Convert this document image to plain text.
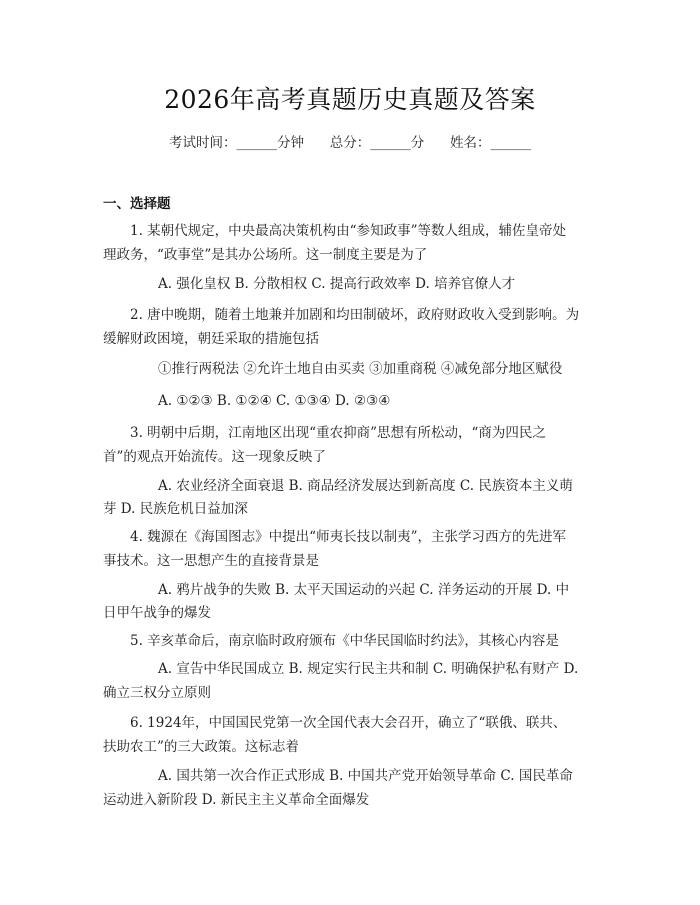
2026年高考真题历史真题及答案
考试时间：______分钟      总分：______分      姓名：______
一、选择题
1. 某朝代规定，中央最高决策机构由“参知政事”等数人组成，辅佐皇帝处
理政务，“政事堂”是其办公场所。这一制度主要是为了
A. 强化皇权 B. 分散相权 C. 提高行政效率 D. 培养官僚人才
2. 唐中晚期，随着土地兼并加剧和均田制破坏，政府财政收入受到影响。为
缓解财政困境，朝廷采取的措施包括
①推行两税法 ②允许土地自由买卖 ③加重商税 ④减免部分地区赋役
A. ①②③ B. ①②④ C. ①③④ D. ②③④
3. 明朝中后期，江南地区出现“重农抑商”思想有所松动，“商为四民之
首”的观点开始流传。这一现象反映了
A. 农业经济全面衰退 B. 商品经济发展达到新高度 C. 民族资本主义萌
芽 D. 民族危机日益加深
4. 魏源在《海国图志》中提出“师夷长技以制夷”，主张学习西方的先进军
事技术。这一思想产生的直接背景是
A. 鸦片战争的失败 B. 太平天国运动的兴起 C. 洋务运动的开展 D. 中
日甲午战争的爆发
5. 辛亥革命后，南京临时政府颁布《中华民国临时约法》，其核心内容是
A. 宣告中华民国成立 B. 规定实行民主共和制 C. 明确保护私有财产 D.
确立三权分立原则
6. 1924年，中国国民党第一次全国代表大会召开，确立了“联俄、联共、
扶助农工”的三大政策。这标志着
A. 国共第一次合作正式形成 B. 中国共产党开始领导革命 C. 国民革命
运动进入新阶段 D. 新民主主义革命全面爆发
